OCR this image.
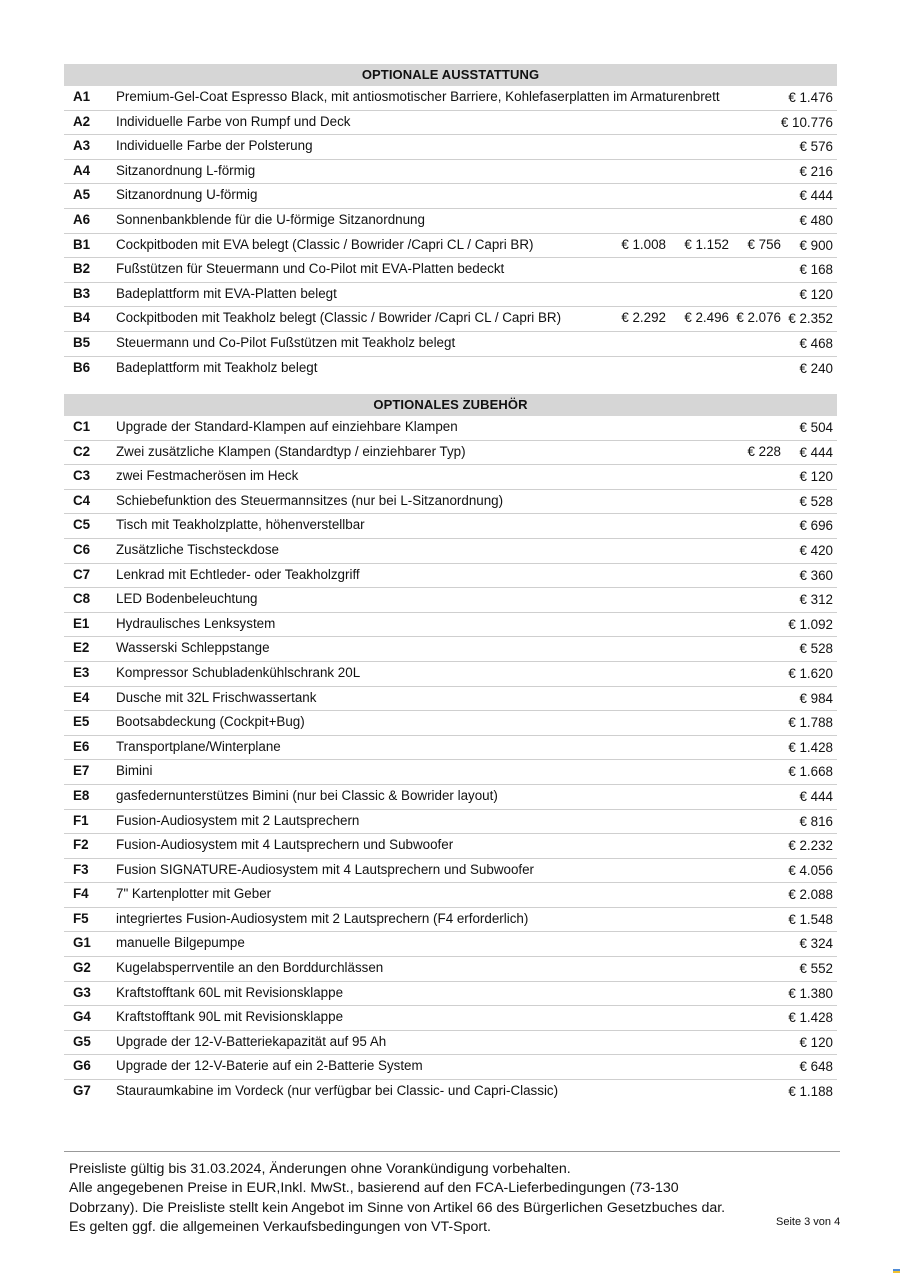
OPTIONALE AUSSTATTUNG
A1 Premium-Gel-Coat Espresso Black, mit antiosmotischer Barriere, Kohlefaserplatten im Armaturenbrett	€ 1.476
A2 Individuelle Farbe von Rumpf und Deck	€ 10.776
A3 Individuelle Farbe der Polsterung	€ 576
A4 Sitzanordnung L-förmig	€ 216
A5 Sitzanordnung U-förmig	€ 444
A6 Sonnenbankblende für die U-förmige Sitzanordnung	€ 480
B1 Cockpitboden mit EVA belegt (Classic / Bowrider /Capri CL / Capri BR)	€ 1.008 € 1.152 € 756 € 900
B2 Fußstützen für Steuermann und Co-Pilot mit EVA-Platten bedeckt	€ 168
B3 Badeplattform mit EVA-Platten belegt	€ 120
B4 Cockpitboden mit Teakholz belegt (Classic / Bowrider /Capri CL / Capri BR)	€ 2.292 € 2.496 € 2.076 € 2.352
B5 Steuermann und Co-Pilot Fußstützen mit Teakholz belegt	€ 468
B6 Badeplattform mit Teakholz belegt	€ 240
OPTIONALES ZUBEHÖR
C1 Upgrade der Standard-Klampen auf einziehbare Klampen	€ 504
C2 Zwei zusätzliche Klampen (Standardtyp / einziehbarer Typ)	€ 228 € 444
C3 zwei Festmacherösen im Heck	€ 120
C4 Schiebefunktion des Steuermannsitzes (nur bei L-Sitzanordnung)	€ 528
C5 Tisch mit Teakholzplatte, höhenverstellbar	€ 696
C6 Zusätzliche Tischsteckdose	€ 420
C7 Lenkrad mit Echtleder- oder Teakholzgriff	€ 360
C8 LED Bodenbeleuchtung	€ 312
E1 Hydraulisches Lenksystem	€ 1.092
E2 Wasserski Schleppstange	€ 528
E3 Kompressor Schubladenkühlschrank 20L	€ 1.620
E4 Dusche mit 32L Frischwassertank	€ 984
E5 Bootsabdeckung (Cockpit+Bug)	€ 1.788
E6 Transportplane/Winterplane	€ 1.428
E7 Bimini	€ 1.668
E8 gasfedernunterstützes Bimini (nur bei Classic & Bowrider layout)	€ 444
F1 Fusion-Audiosystem mit 2 Lautsprechern	€ 816
F2 Fusion-Audiosystem mit 4 Lautsprechern und Subwoofer	€ 2.232
F3 Fusion SIGNATURE-Audiosystem mit 4 Lautsprechern und Subwoofer	€ 4.056
F4 7" Kartenplotter mit Geber	€ 2.088
F5 integriertes Fusion-Audiosystem mit 2 Lautsprechern (F4 erforderlich)	€ 1.548
G1 manuelle Bilgepumpe	€ 324
G2 Kugelabsperrventile an den Borddurchlässen	€ 552
G3 Kraftstofftank 60L mit Revisionsklappe	€ 1.380
G4 Kraftstofftank 90L mit Revisionsklappe	€ 1.428
G5 Upgrade der 12-V-Batteriekapazität auf 95 Ah	€ 120
G6 Upgrade der 12-V-Baterie auf ein 2-Batterie System	€ 648
G7 Stauraumkabine im Vordeck (nur verfügbar bei Classic- und Capri-Classic)	€ 1.188
Preisliste gültig bis 31.03.2024, Änderungen ohne Vorankündigung vorbehalten.
Alle angegebenen Preise in EUR,Inkl. MwSt., basierend auf den FCA-Lieferbedingungen (73-130
Dobrzany). Die Preisliste stellt kein Angebot im Sinne von Artikel 66 des Bürgerlichen Gesetzbuches dar.
Es gelten ggf. die allgemeinen Verkaufsbedingungen von VT-Sport.	Seite 3 von 4
